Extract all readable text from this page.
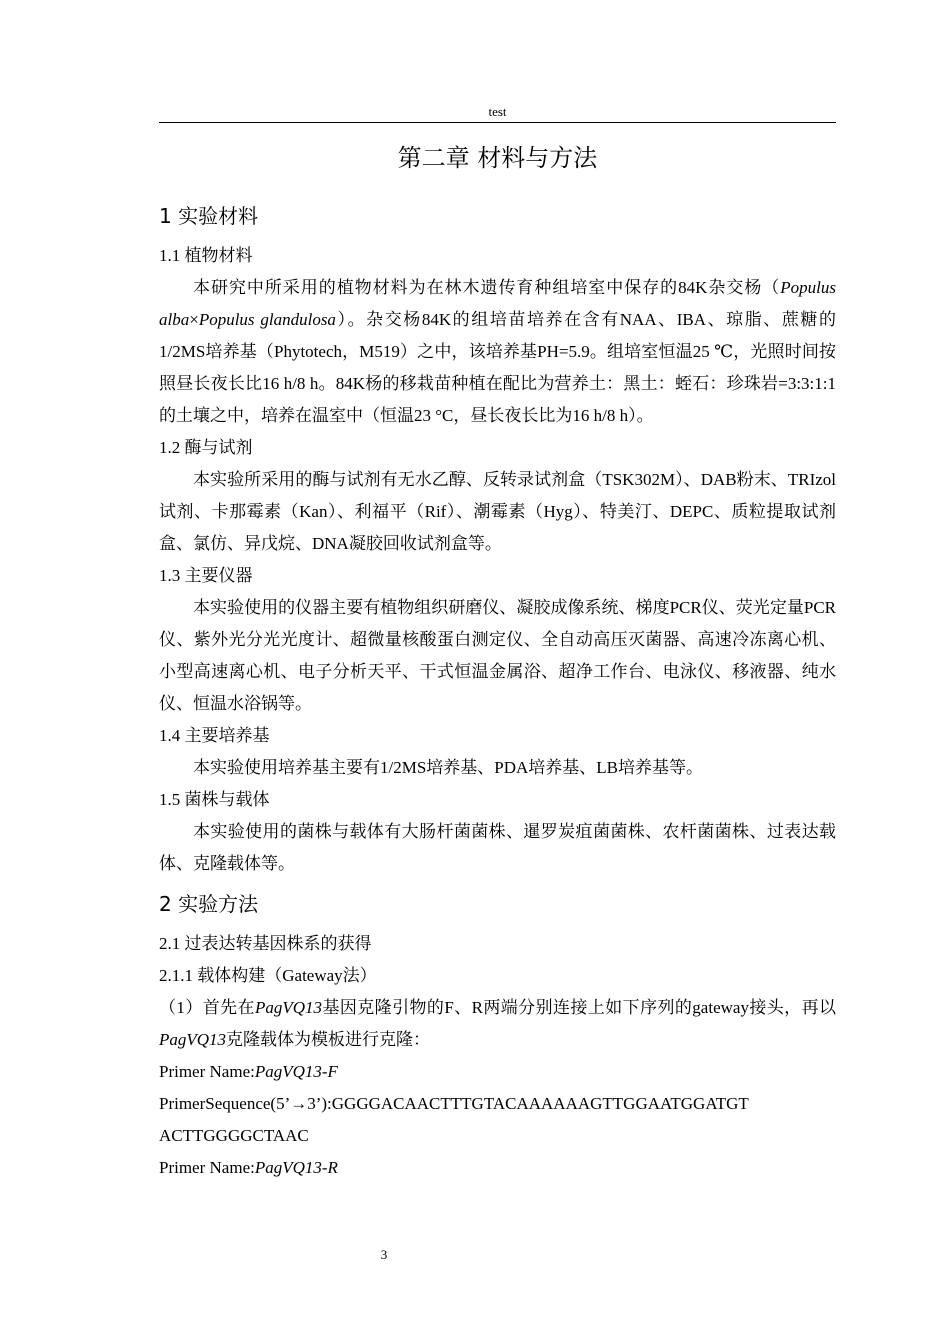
test
第二章 材料与方法
1 实验材料
1.1 植物材料
本研究中所采用的植物材料为在林木遗传育种组培室中保存的84K杂交杨（Populus alba×Populus glandulosa）。杂交杨84K的组培苗培养在含有NAA、IBA、琼脂、蔗糖的1/2MS培养基（Phytotech，M519）之中，该培养基PH=5.9。组培室恒温25 ℃，光照时间按照昼长夜长比16 h/8 h。84K杨的移栽苗种植在配比为营养土：黑土：蛭石：珍珠岩=3:3:1:1的土壤之中，培养在温室中（恒温23 °C，昼长夜长比为16 h/8 h）。
1.2 酶与试剂
本实验所采用的酶与试剂有无水乙醇、反转录试剂盒（TSK302M）、DAB粉末、TRIzol试剂、卡那霉素（Kan）、利福平（Rif）、潮霉素（Hyg）、特美汀、DEPC、质粒提取试剂盒、氯仿、异戊烷、DNA凝胶回收试剂盒等。
1.3 主要仪器
本实验使用的仪器主要有植物组织研磨仪、凝胶成像系统、梯度PCR仪、荧光定量PCR仪、紫外光分光光度计、超微量核酸蛋白测定仪、全自动高压灭菌器、高速冷冻离心机、小型高速离心机、电子分析天平、干式恒温金属浴、超净工作台、电泳仪、移液器、纯水仪、恒温水浴锅等。
1.4 主要培养基
本实验使用培养基主要有1/2MS培养基、PDA培养基、LB培养基等。
1.5 菌株与载体
本实验使用的菌株与载体有大肠杆菌菌株、暹罗炭疽菌菌株、农杆菌菌株、过表达载体、克隆载体等。
2 实验方法
2.1 过表达转基因株系的获得
2.1.1 载体构建（Gateway法）
（1）首先在PagVQ13基因克隆引物的F、R两端分别连接上如下序列的gateway接头，再以PagVQ13克隆载体为模板进行克隆：
Primer Name:PagVQ13-F
PrimerSequence(5’→3’):GGGGACAACTTTGTACAAAAAAGTTGGAATGGATGT
ACTTGGGGCTAAC
Primer Name:PagVQ13-R
3
